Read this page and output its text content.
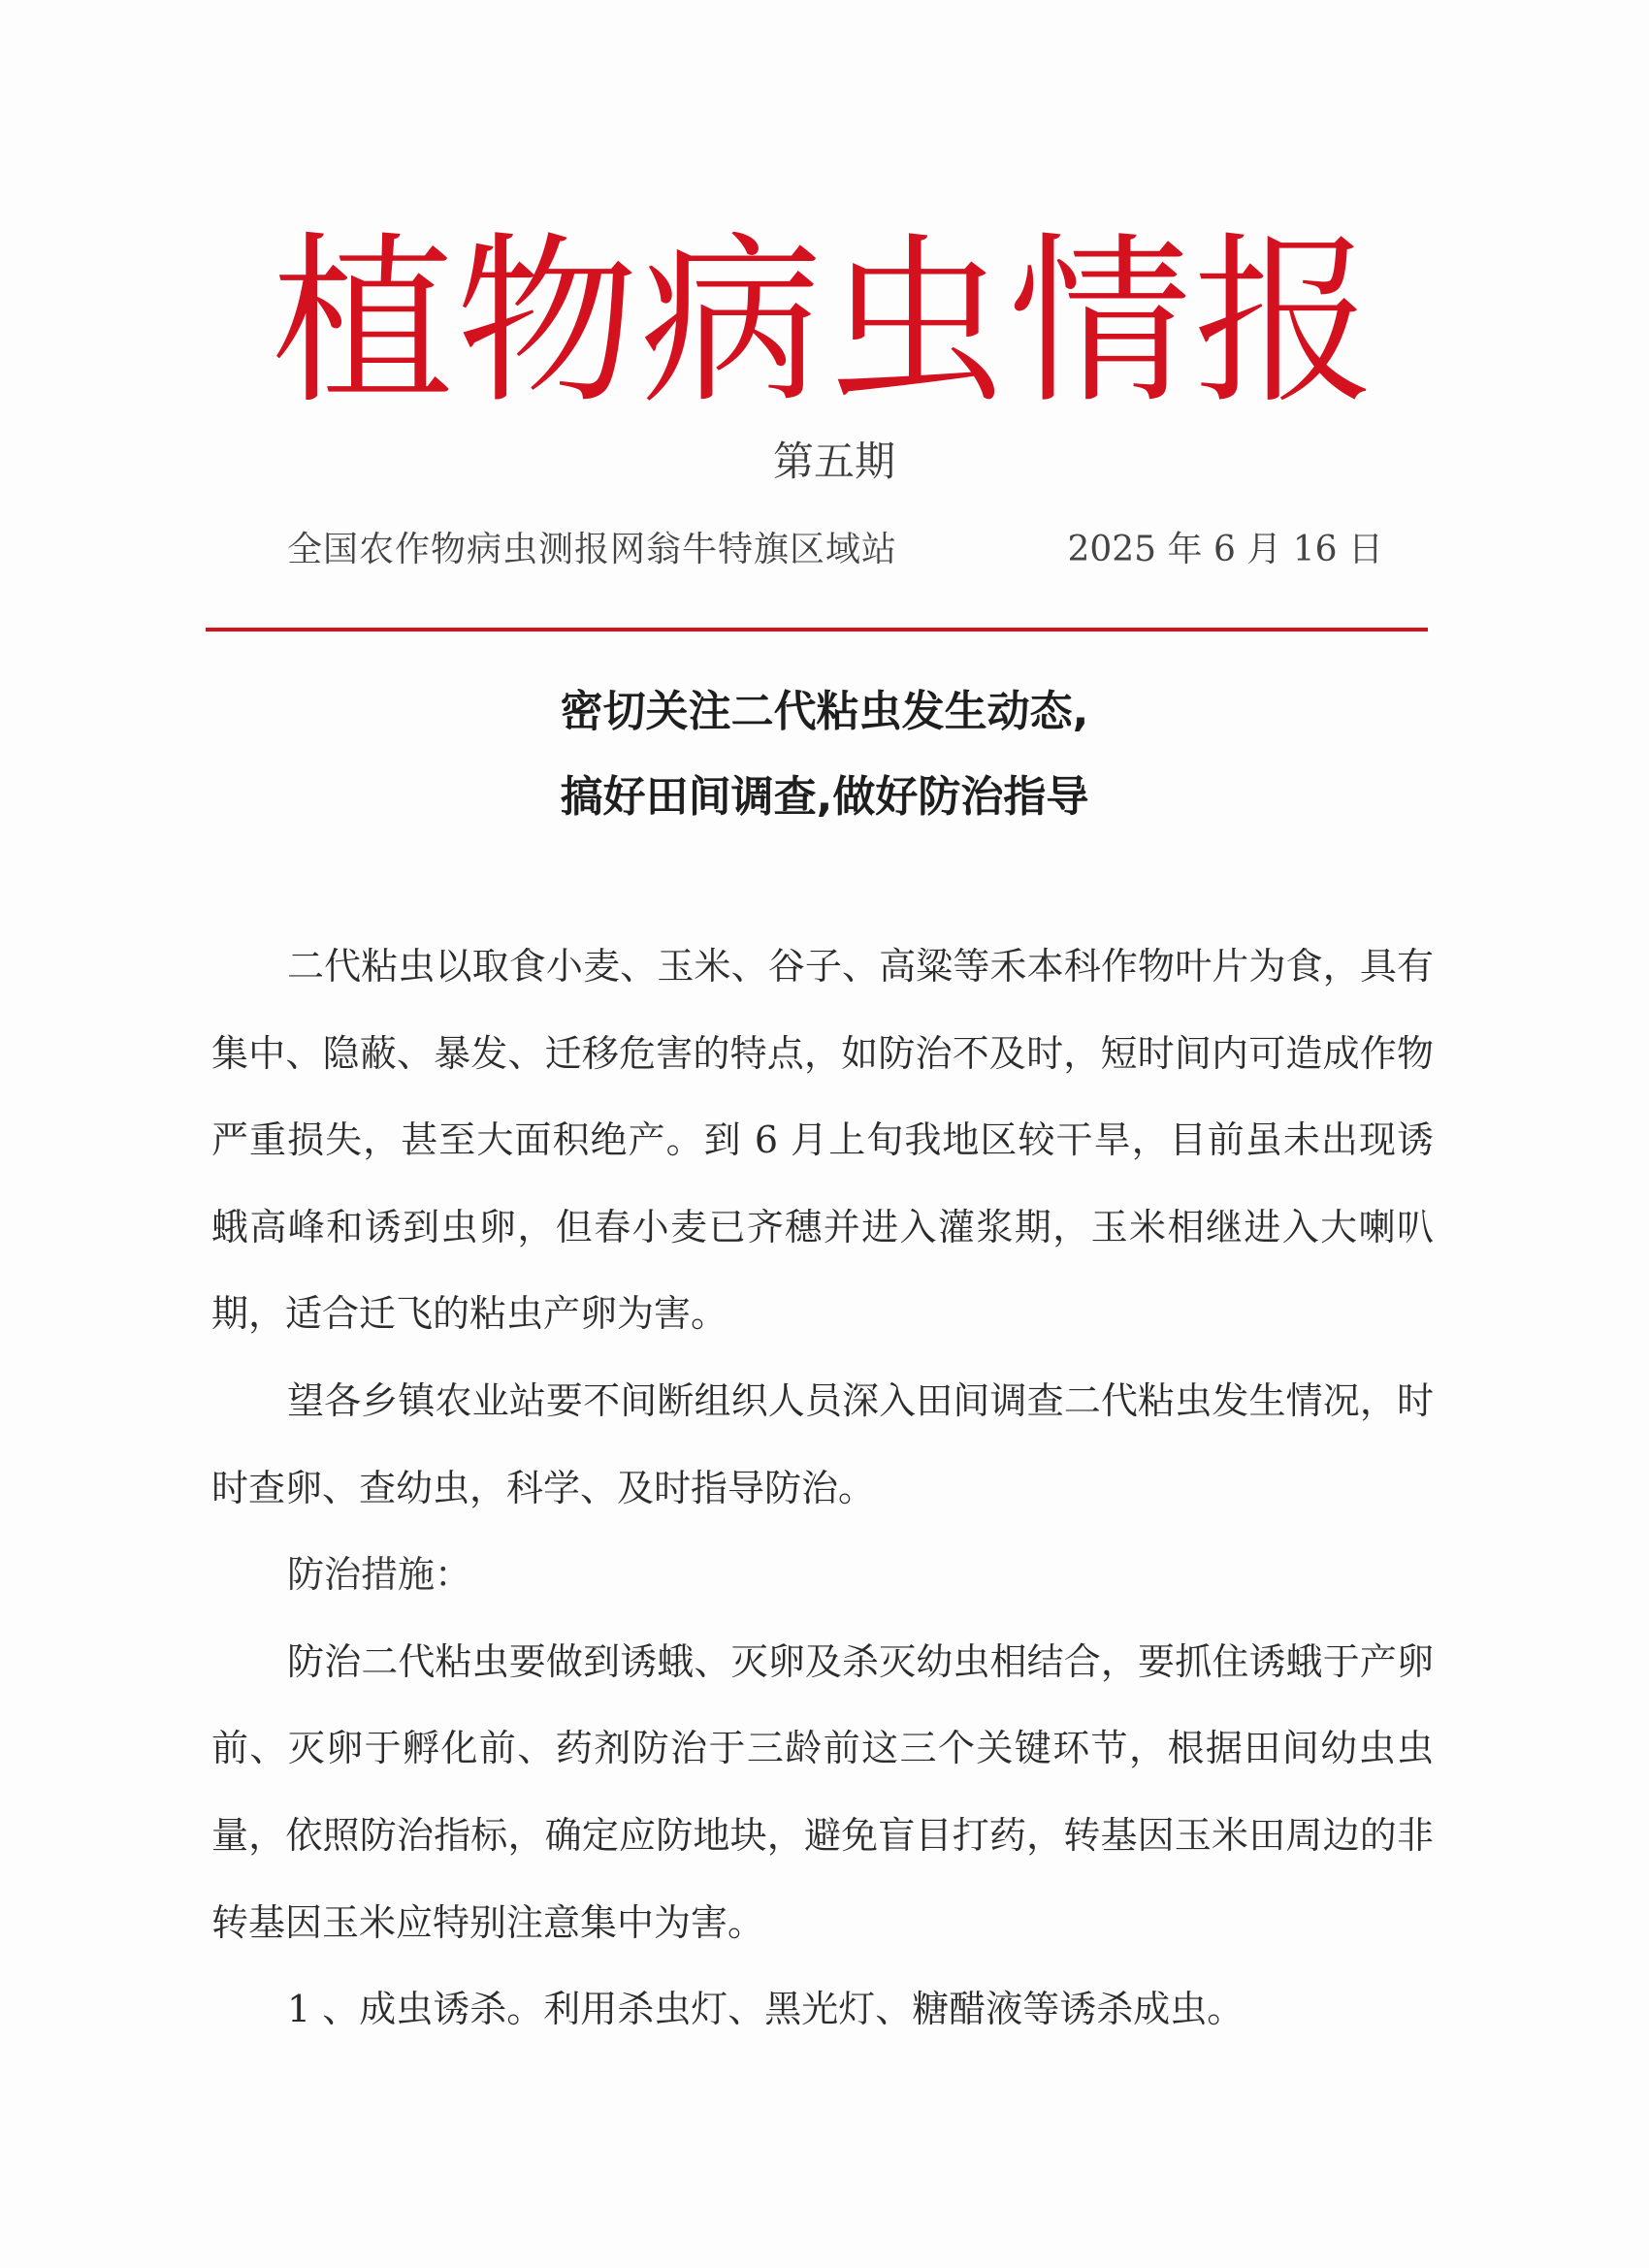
植物病虫情报
第五期
全国农作物病虫测报网翁牛特旗区域站	2025 年 6 月 16 日
密切关注二代粘虫发生动态,
搞好田间调查,做好防治指导

二代粘虫以取食小麦、玉米、谷子、高粱等禾本科作物叶片为食，具有集中、隐蔽、暴发、迁移危害的特点，如防治不及时，短时间内可造成作物严重损失，甚至大面积绝产。到 6 月上旬我地区较干旱，目前虽未出现诱蛾高峰和诱到虫卵，但春小麦已齐穗并进入灌浆期，玉米相继进入大喇叭期，适合迁飞的粘虫产卵为害。

望各乡镇农业站要不间断组织人员深入田间调查二代粘虫发生情况，时时查卵、查幼虫，科学、及时指导防治。

防治措施：

防治二代粘虫要做到诱蛾、灭卵及杀灭幼虫相结合，要抓住诱蛾于产卵前、灭卵于孵化前、药剂防治于三龄前这三个关键环节，根据田间幼虫虫量，依照防治指标，确定应防地块，避免盲目打药，转基因玉米田周边的非转基因玉米应特别注意集中为害。

1 、成虫诱杀。利用杀虫灯、黑光灯、糖醋液等诱杀成虫。
